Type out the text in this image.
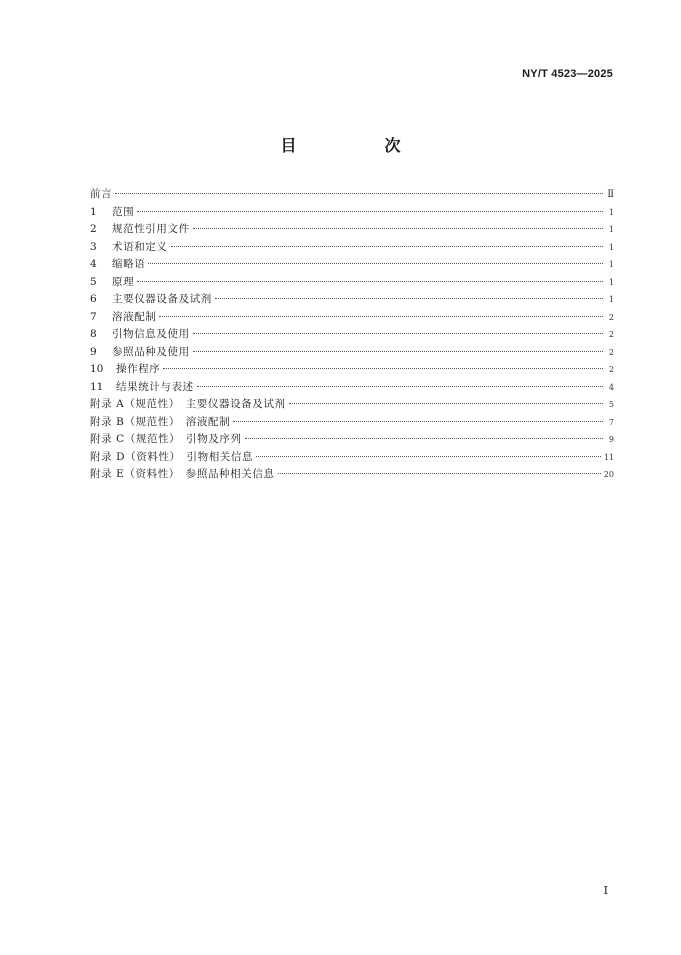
NY/T 4523—2025
目　次
前言	Ⅱ
1	范围	1
2	规范性引用文件	1
3	术语和定义	1
4	缩略语	1
5	原理	1
6	主要仪器设备及试剂	1
7	溶液配制	2
8	引物信息及使用	2
9	参照品种及使用	2
10	操作程序	2
11	结果统计与表述	4
附录 A（规范性）　主要仪器设备及试剂	5
附录 B（规范性）　溶液配制	7
附录 C（规范性）　引物及序列	9
附录 D（资料性）　引物相关信息	11
附录 E（资料性）　参照品种相关信息	20
I
